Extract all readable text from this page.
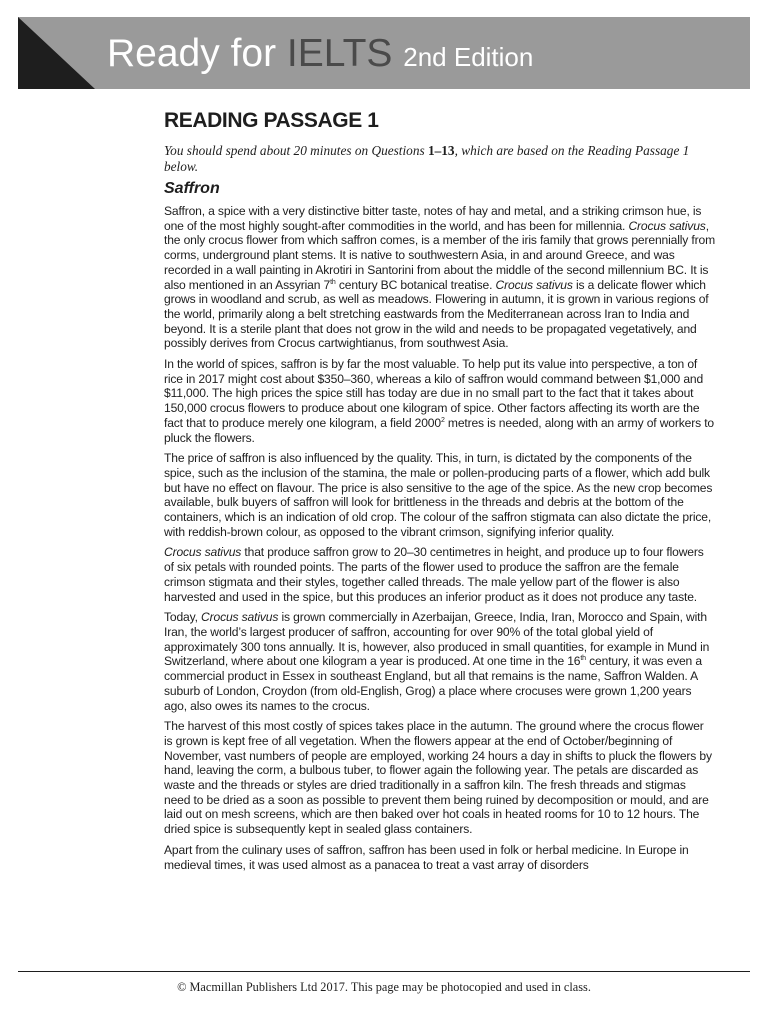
Ready for IELTS 2nd Edition
READING PASSAGE 1

You should spend about 20 minutes on Questions 1–13, which are based on the Reading Passage 1 below.

Saffron

Saffron, a spice with a very distinctive bitter taste, notes of hay and metal, and a striking crimson hue, is one of the most highly sought-after commodities in the world, and has been for millennia. Crocus sativus, the only crocus flower from which saffron comes, is a member of the iris family that grows perennially from corms, underground plant stems. It is native to southwestern Asia, in and around Greece, and was recorded in a wall painting in Akrotiri in Santorini from about the middle of the second millennium BC. It is also mentioned in an Assyrian 7th century BC botanical treatise. Crocus sativus is a delicate flower which grows in woodland and scrub, as well as meadows. Flowering in autumn, it is grown in various regions of the world, primarily along a belt stretching eastwards from the Mediterranean across Iran to India and beyond. It is a sterile plant that does not grow in the wild and needs to be propagated vegetatively, and possibly derives from Crocus cartwightianus, from southwest Asia.

In the world of spices, saffron is by far the most valuable. To help put its value into perspective, a ton of rice in 2017 might cost about $350–360, whereas a kilo of saffron would command between $1,000 and $11,000. The high prices the spice still has today are due in no small part to the fact that it takes about 150,000 crocus flowers to produce about one kilogram of spice. Other factors affecting its worth are the fact that to produce merely one kilogram, a field 2000$^2$ metres is needed, along with an army of workers to pluck the flowers.

The price of saffron is also influenced by the quality. This, in turn, is dictated by the components of the spice, such as the inclusion of the stamina, the male or pollen-producing parts of a flower, which add bulk but have no effect on flavour. The price is also sensitive to the age of the spice. As the new crop becomes available, bulk buyers of saffron will look for brittleness in the threads and debris at the bottom of the containers, which is an indication of old crop. The colour of the saffron stigmata can also dictate the price, with reddish-brown colour, as opposed to the vibrant crimson, signifying inferior quality.

Crocus sativus that produce saffron grow to 20–30 centimetres in height, and produce up to four flowers of six petals with rounded points. The parts of the flower used to produce the saffron are the female crimson stigmata and their styles, together called threads. The male yellow part of the flower is also harvested and used in the spice, but this produces an inferior product as it does not produce any taste.

Today, Crocus sativus is grown commercially in Azerbaijan, Greece, India, Iran, Morocco and Spain, with Iran, the world’s largest producer of saffron, accounting for over 90% of the total global yield of approximately 300 tons annually. It is, however, also produced in small quantities, for example in Mund in Switzerland, where about one kilogram a year is produced. At one time in the 16th century, it was even a commercial product in Essex in southeast England, but all that remains is the name, Saffron Walden. A suburb of London, Croydon (from old-English, Grog) a place where crocuses were grown 1,200 years ago, also owes its names to the crocus.

The harvest of this most costly of spices takes place in the autumn. The ground where the crocus flower is grown is kept free of all vegetation. When the flowers appear at the end of October/beginning of November, vast numbers of people are employed, working 24 hours a day in shifts to pluck the flowers by hand, leaving the corm, a bulbous tuber, to flower again the following year. The petals are discarded as waste and the threads or styles are dried traditionally in a saffron kiln. The fresh threads and stigmas need to be dried as a soon as possible to prevent them being ruined by decomposition or mould, and are laid out on mesh screens, which are then baked over hot coals in heated rooms for 10 to 12 hours. The dried spice is subsequently kept in sealed glass containers.

Apart from the culinary uses of saffron, saffron has been used in folk or herbal medicine. In Europe in medieval times, it was used almost as a panacea to treat a vast array of disorders

© Macmillan Publishers Ltd 2017. This page may be photocopied and used in class.
